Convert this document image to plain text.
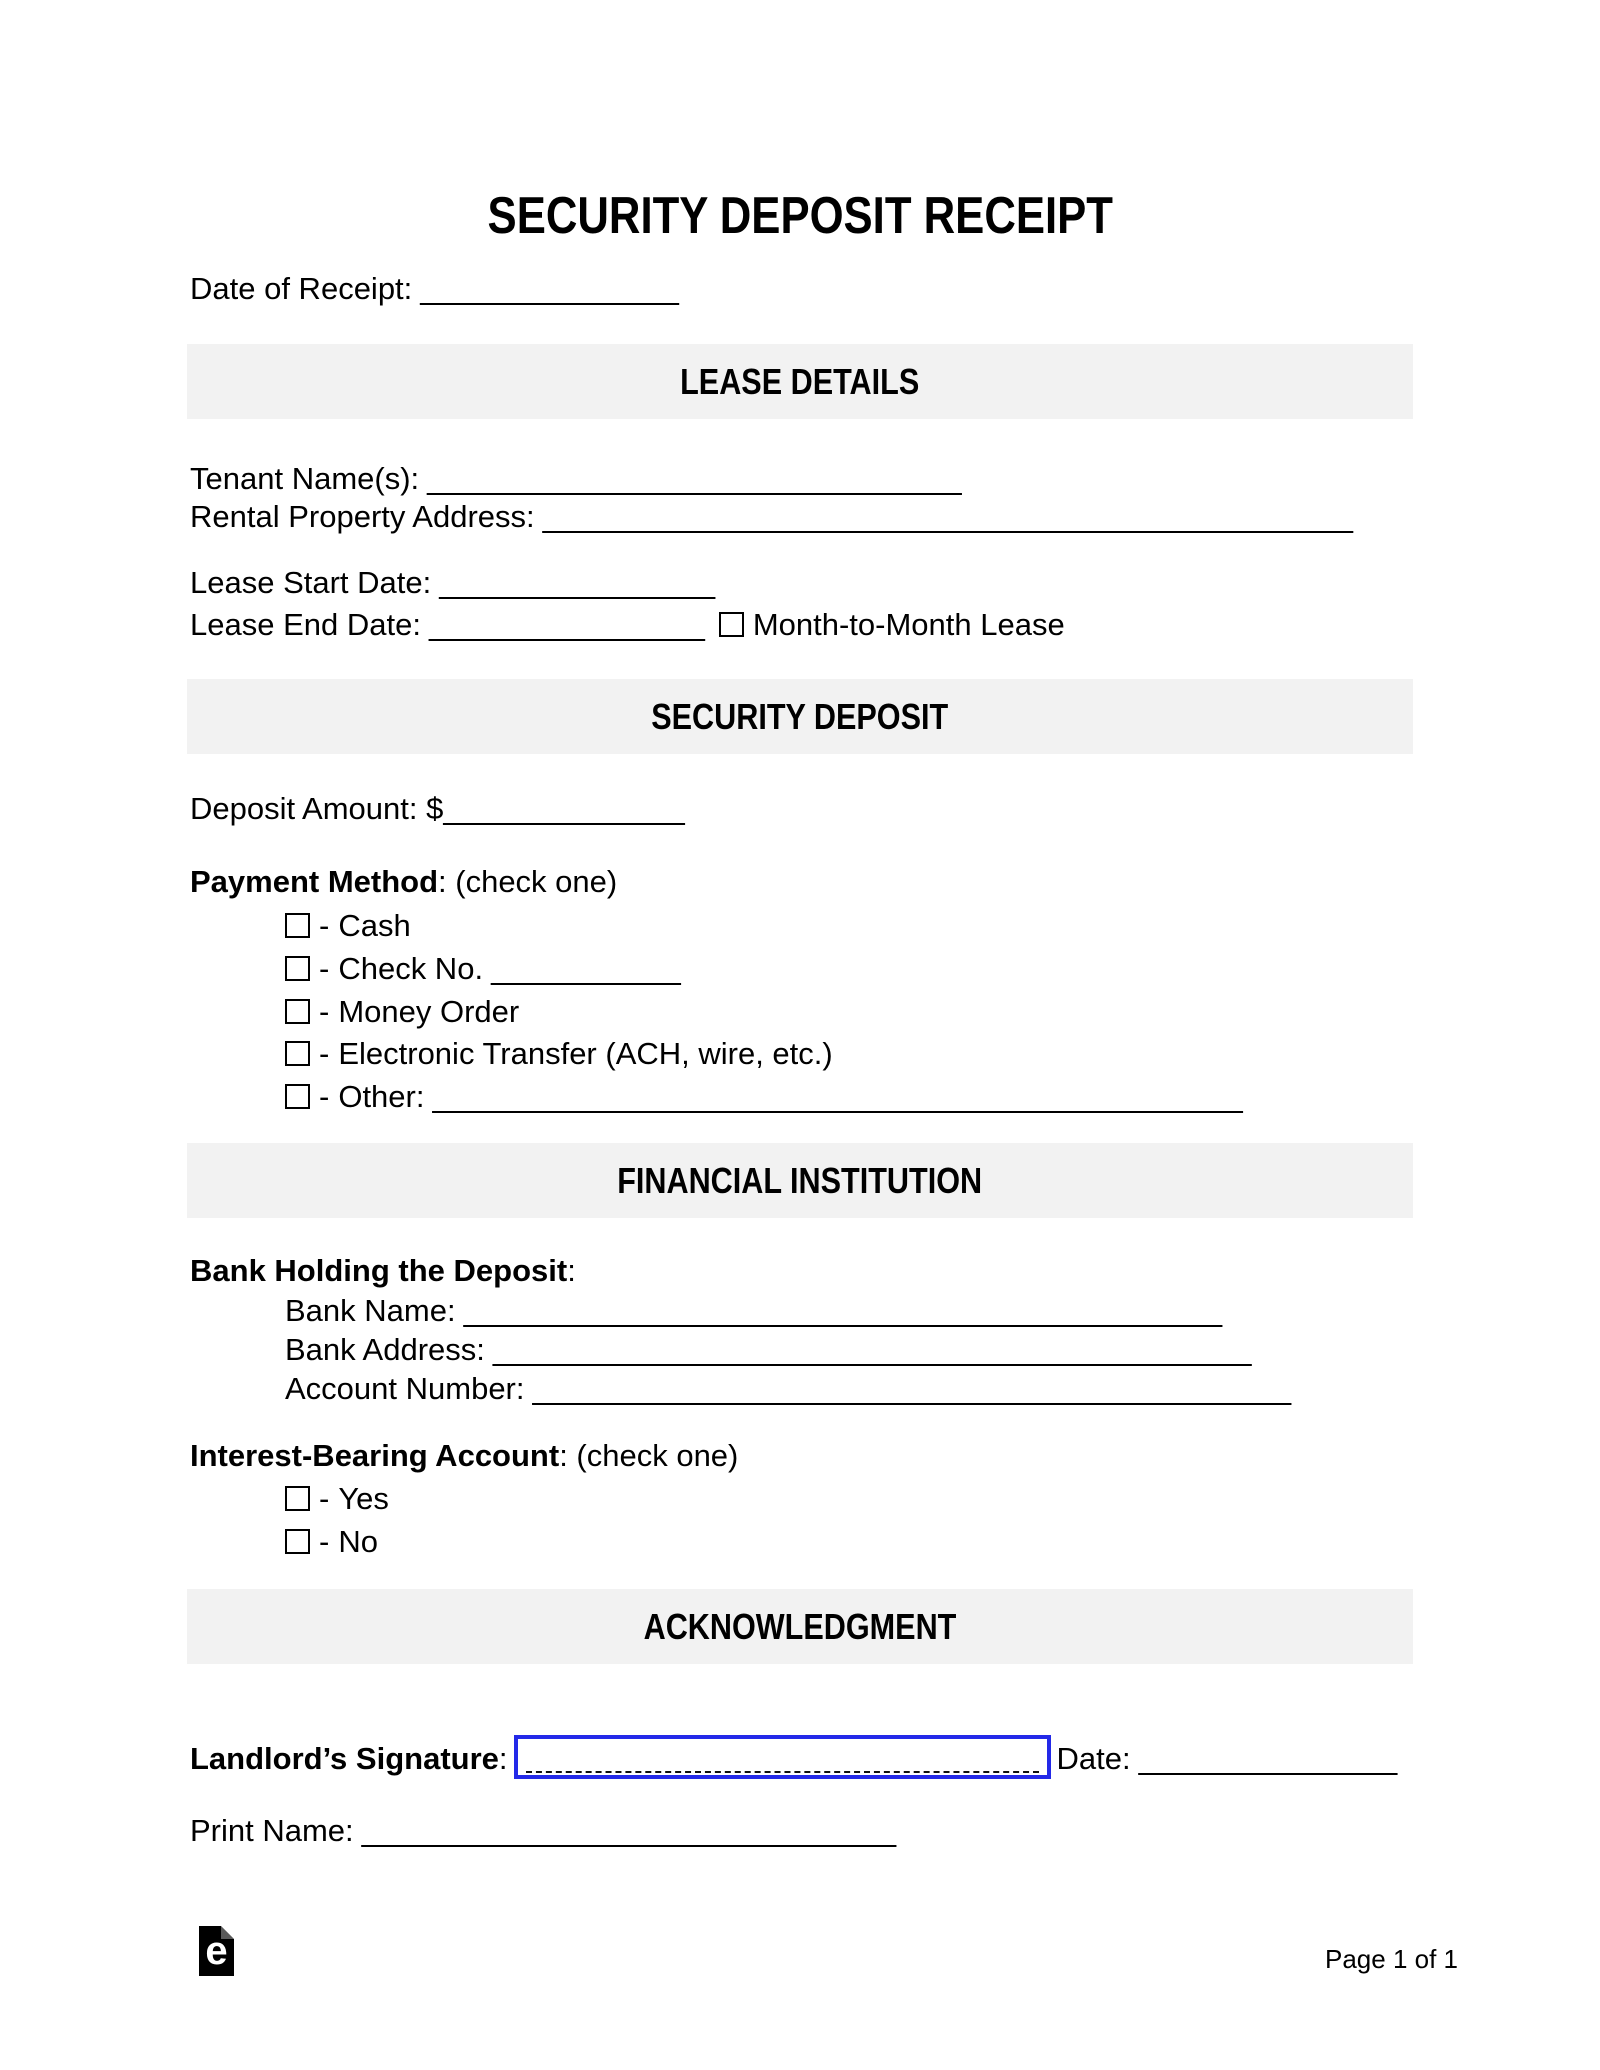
SECURITY DEPOSIT RECEIPT
Date of Receipt: _______________
LEASE DETAILS
Tenant Name(s): _______________________________
Rental Property Address: _______________________________________________
Lease Start Date: ________________
Lease End Date: ________________ Month-to-Month Lease
SECURITY DEPOSIT
Deposit Amount: $______________
Payment Method: (check one)
- Cash
- Check No. ___________
- Money Order
- Electronic Transfer (ACH, wire, etc.)
- Other: _______________________________________________
FINANCIAL INSTITUTION
Bank Holding the Deposit:
Bank Name: ____________________________________________
Bank Address: ____________________________________________
Account Number: ____________________________________________
Interest-Bearing Account: (check one)
- Yes
- No
ACKNOWLEDGMENT
Landlord’s Signature:	Date: _______________
Print Name: _______________________________
e	Page 1 of 1
